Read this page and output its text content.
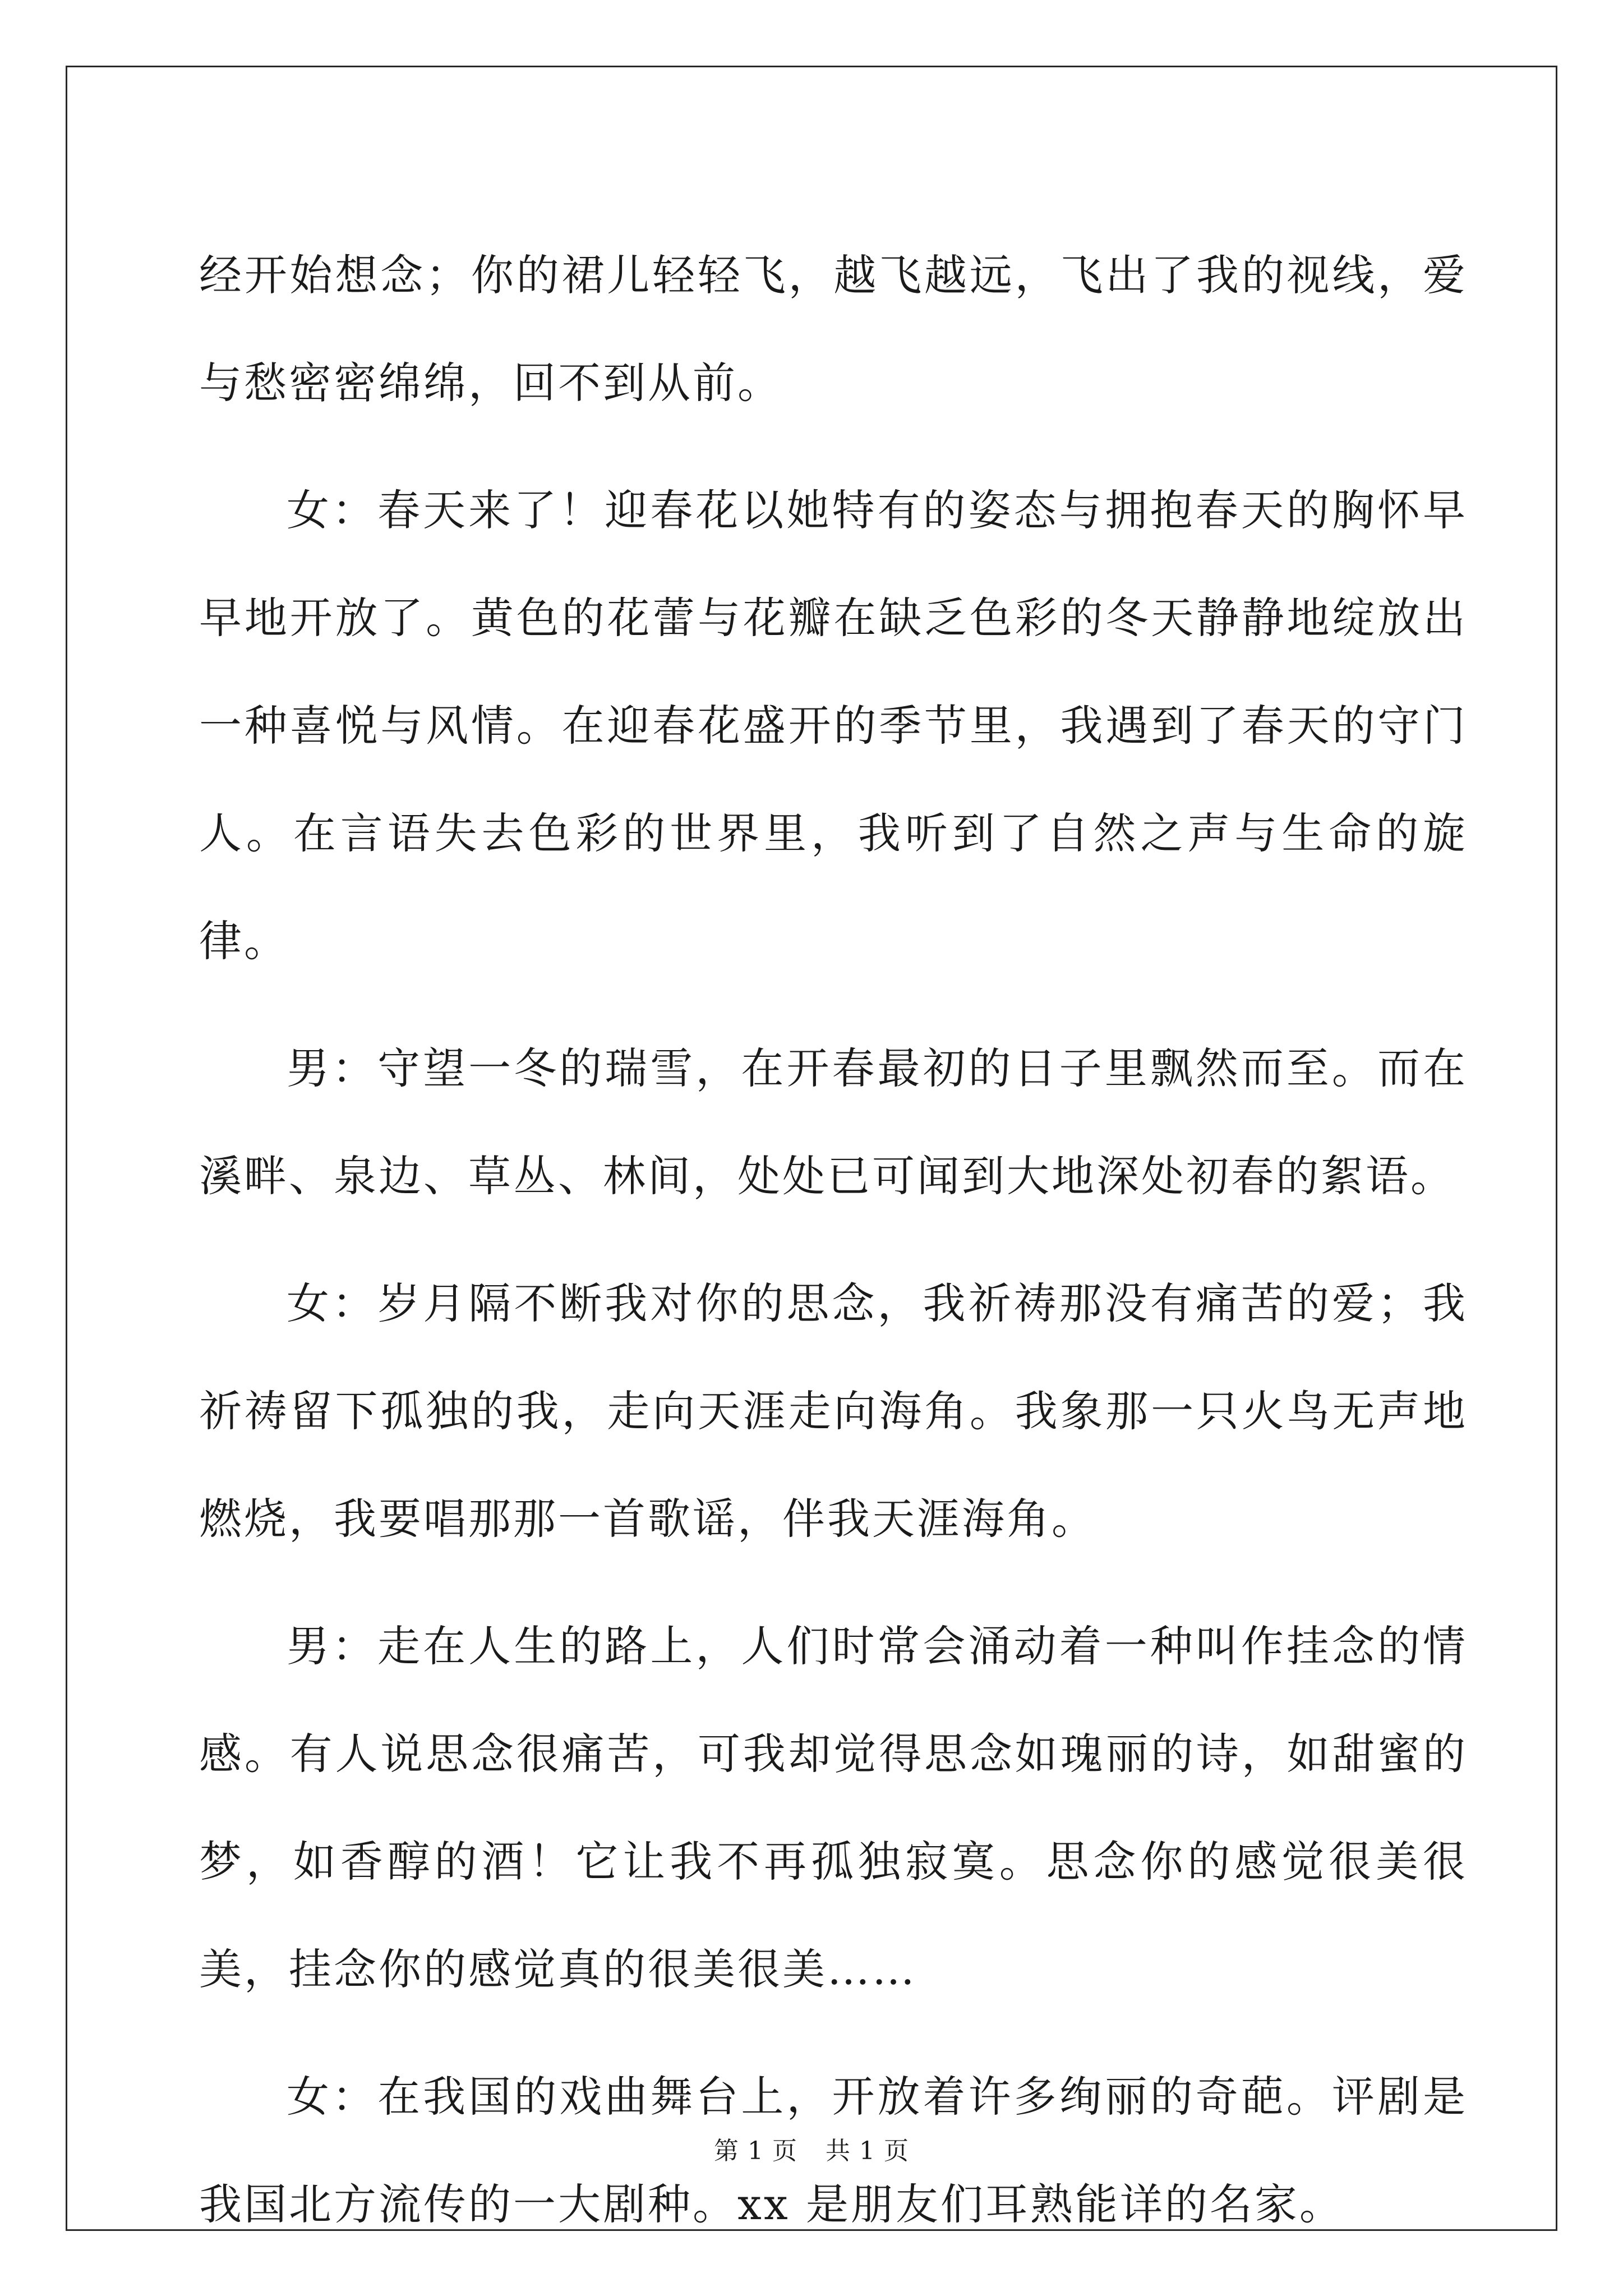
经开始想念；你的裙儿轻轻飞，越飞越远，飞出了我的视线，爱与愁密密绵绵，回不到从前。

女：春天来了！迎春花以她特有的姿态与拥抱春天的胸怀早早地开放了。黄色的花蕾与花瓣在缺乏色彩的冬天静静地绽放出一种喜悦与风情。在迎春花盛开的季节里，我遇到了春天的守门人。在言语失去色彩的世界里，我听到了自然之声与生命的旋律。

男：守望一冬的瑞雪，在开春最初的日子里飘然而至。而在溪畔、泉边、草丛、林间，处处已可闻到大地深处初春的絮语。

女：岁月隔不断我对你的思念，我祈祷那没有痛苦的爱；我祈祷留下孤独的我，走向天涯走向海角。我象那一只火鸟无声地燃烧，我要唱那那一首歌谣，伴我天涯海角。

男：走在人生的路上，人们时常会涌动着一种叫作挂念的情感。有人说思念很痛苦，可我却觉得思念如瑰丽的诗，如甜蜜的梦，如香醇的酒！它让我不再孤独寂寞。思念你的感觉很美很美，挂念你的感觉真的很美很美……

女：在我国的戏曲舞台上，开放着许多绚丽的奇葩。评剧是我国北方流传的一大剧种。xx 是朋友们耳熟能详的名家。

第 1 页 共 1 页
